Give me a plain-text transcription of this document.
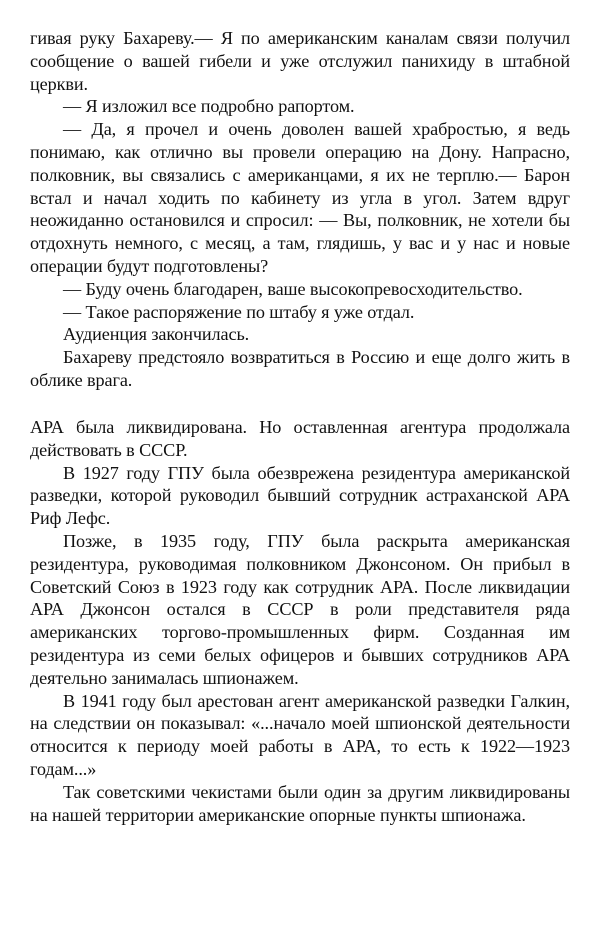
гивая руку Бахареву.— Я по американским каналам связи получил сообщение о вашей гибели и уже отслужил панихиду в штабной церкви.

— Я изложил все подробно рапортом.

— Да, я прочел и очень доволен вашей храбростью, я ведь понимаю, как отлично вы провели операцию на Дону. Напрасно, полковник, вы связались с американцами, я их не терплю.— Барон встал и начал ходить по кабинету из угла в угол. Затем вдруг неожиданно остановился и спросил: — Вы, полковник, не хотели бы отдохнуть немного, с месяц, а там, глядишь, у вас и у нас и новые операции будут подготовлены?

— Буду очень благодарен, ваше высокопревосходительство.

— Такое распоряжение по штабу я уже отдал.

Аудиенция закончилась.

Бахареву предстояло возвратиться в Россию и еще долго жить в облике врага.

АРА была ликвидирована. Но оставленная агентура продолжала действовать в СССР.

В 1927 году ГПУ была обезврежена резидентура американской разведки, которой руководил бывший сотрудник астраханской АРА Риф Лефс.

Позже, в 1935 году, ГПУ была раскрыта американская резидентура, руководимая полковником Джонсоном. Он прибыл в Советский Союз в 1923 году как сотрудник АРА. После ликвидации АРА Джонсон остался в СССР в роли представителя ряда американских торгово-промышленных фирм. Созданная им резидентура из семи белых офицеров и бывших сотрудников АРА деятельно занималась шпионажем.

В 1941 году был арестован агент американской разведки Галкин, на следствии он показывал: «...начало моей шпионской деятельности относится к периоду моей работы в АРА, то есть к 1922—1923 годам...»

Так советскими чекистами были один за другим ликвидированы на нашей территории американские опорные пункты шпионажа.
